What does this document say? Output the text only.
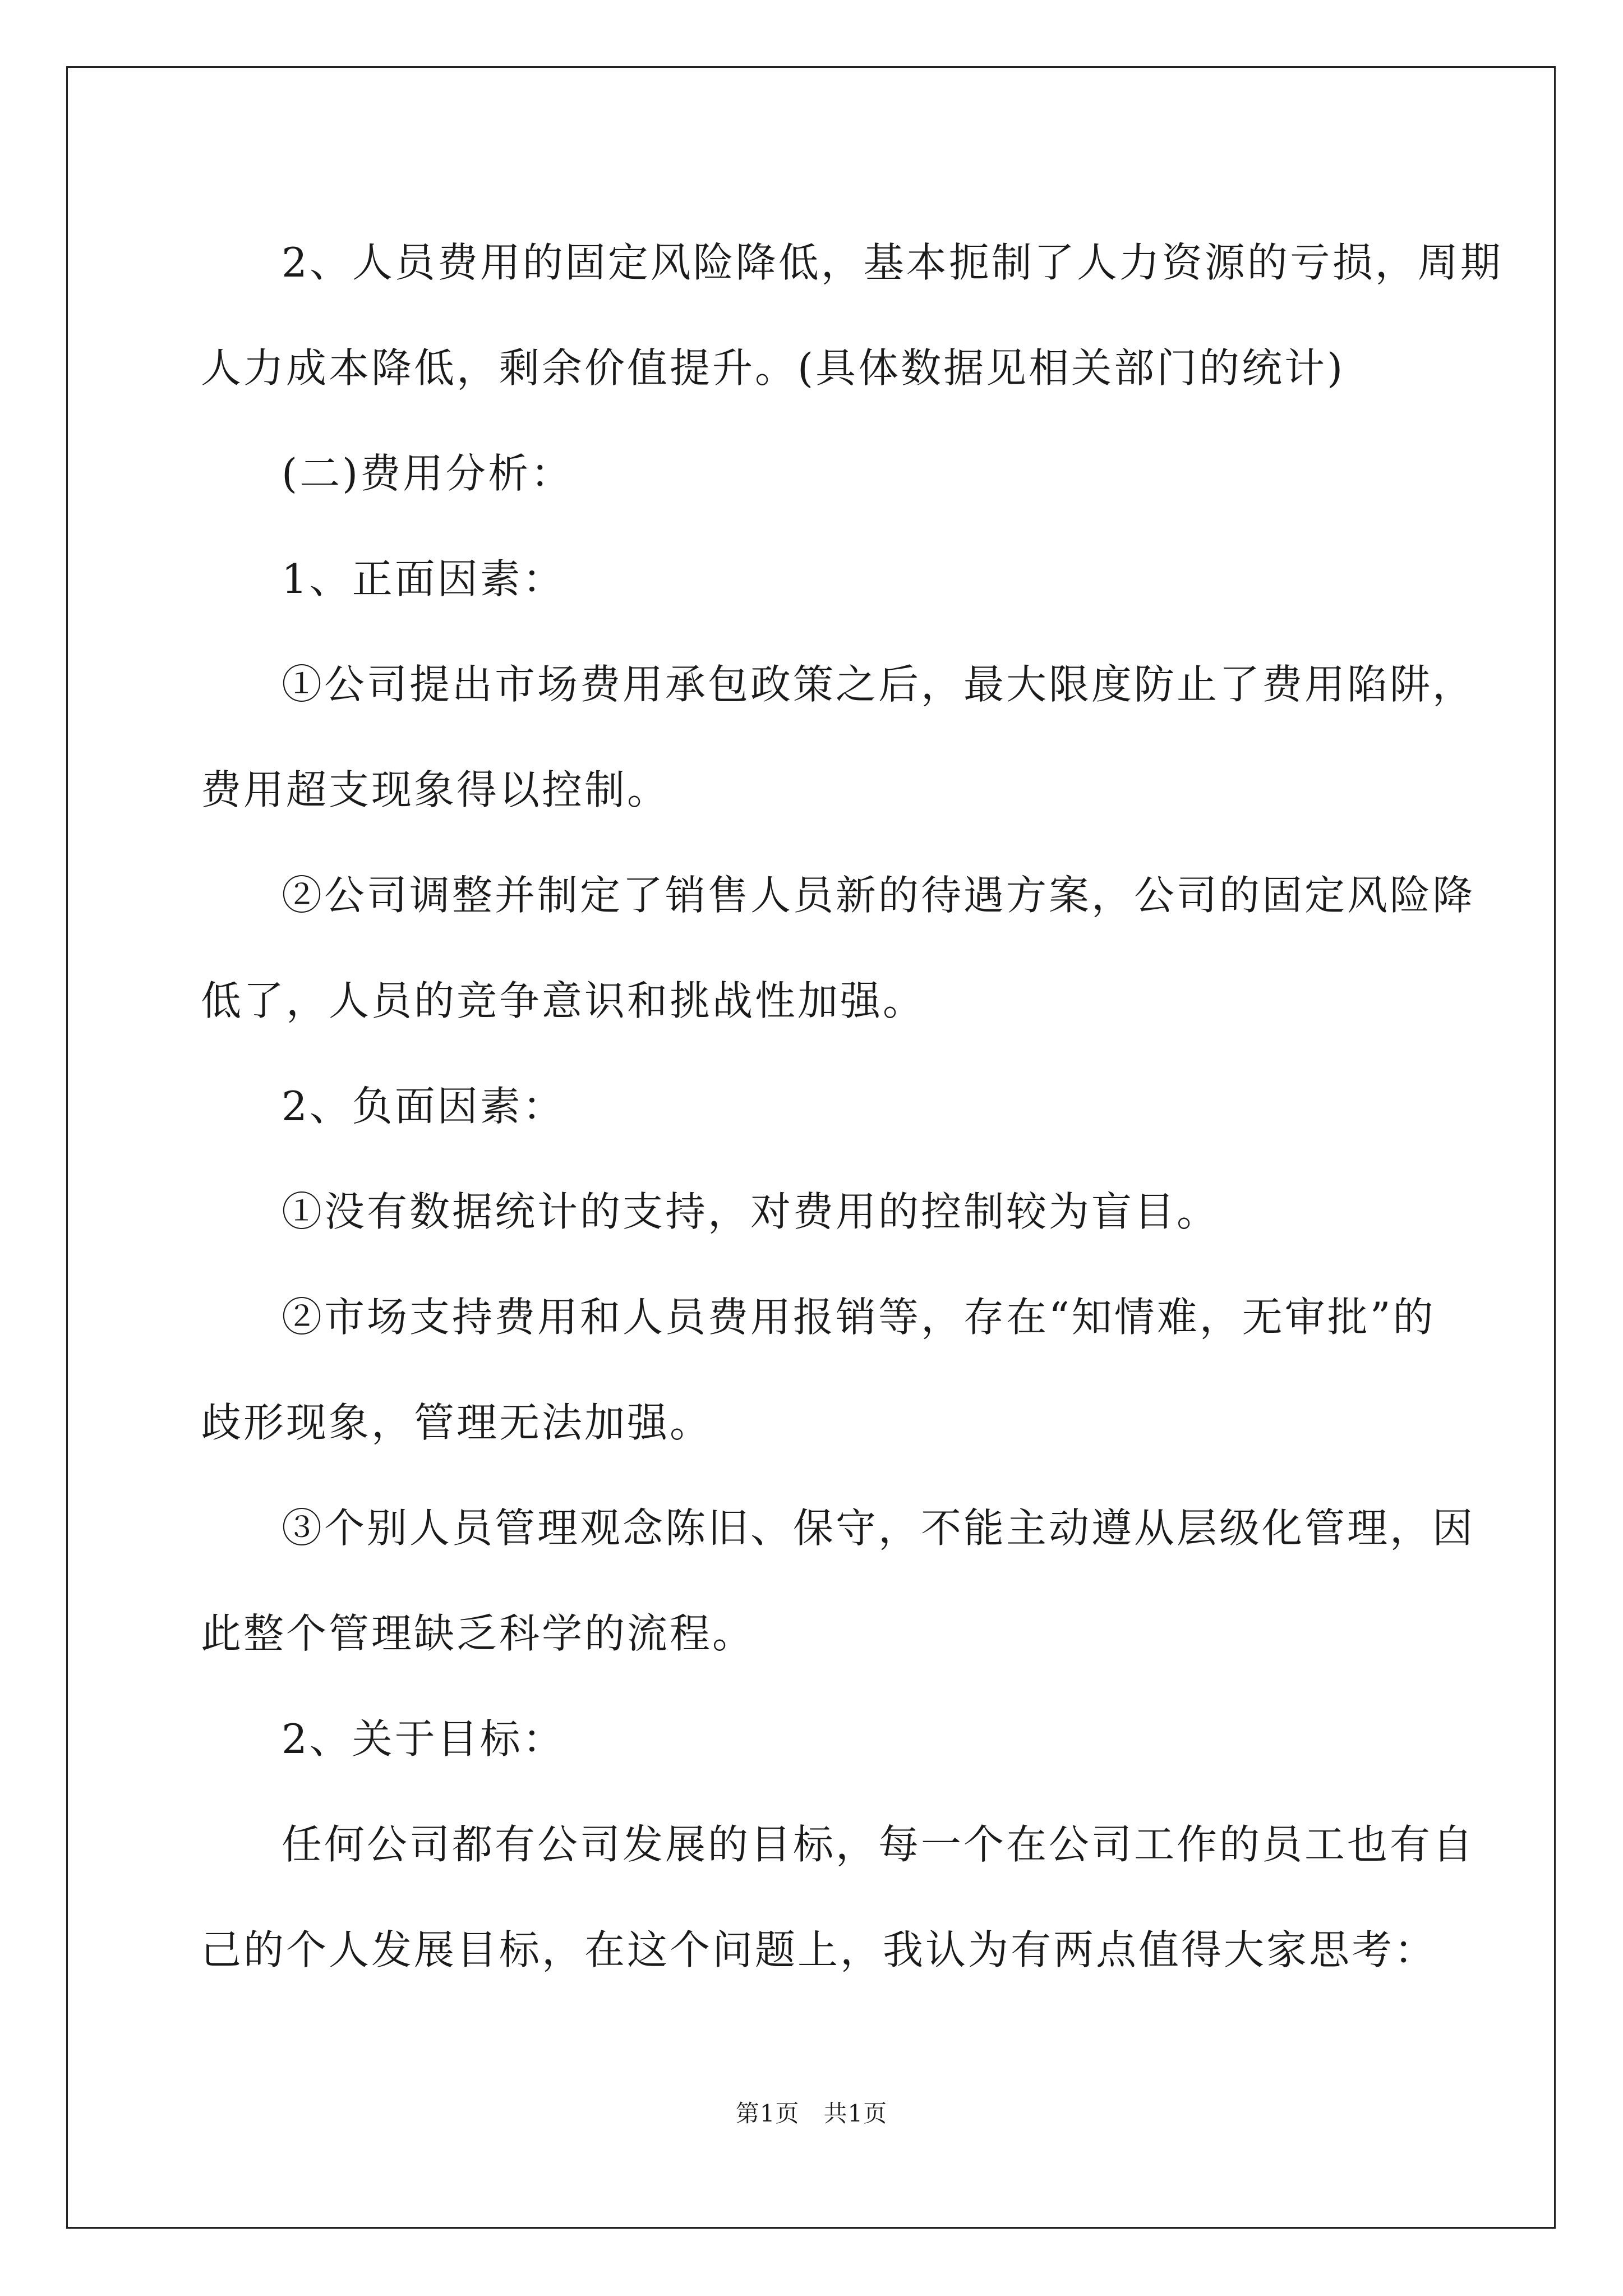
2、人员费用的固定风险降低，基本扼制了人力资源的亏损，周期

人力成本降低，剩余价值提升。(具体数据见相关部门的统计)

(二)费用分析：

1、正面因素：

①公司提出市场费用承包政策之后，最大限度防止了费用陷阱，

费用超支现象得以控制。

②公司调整并制定了销售人员新的待遇方案，公司的固定风险降

低了，人员的竞争意识和挑战性加强。

2、负面因素：

①没有数据统计的支持，对费用的控制较为盲目。

②市场支持费用和人员费用报销等，存在“知情难，无审批”的

歧形现象，管理无法加强。

③个别人员管理观念陈旧、保守，不能主动遵从层级化管理，因

此整个管理缺乏科学的流程。

2、关于目标：

任何公司都有公司发展的目标，每一个在公司工作的员工也有自

己的个人发展目标，在这个问题上，我认为有两点值得大家思考：

第1页   共1页
